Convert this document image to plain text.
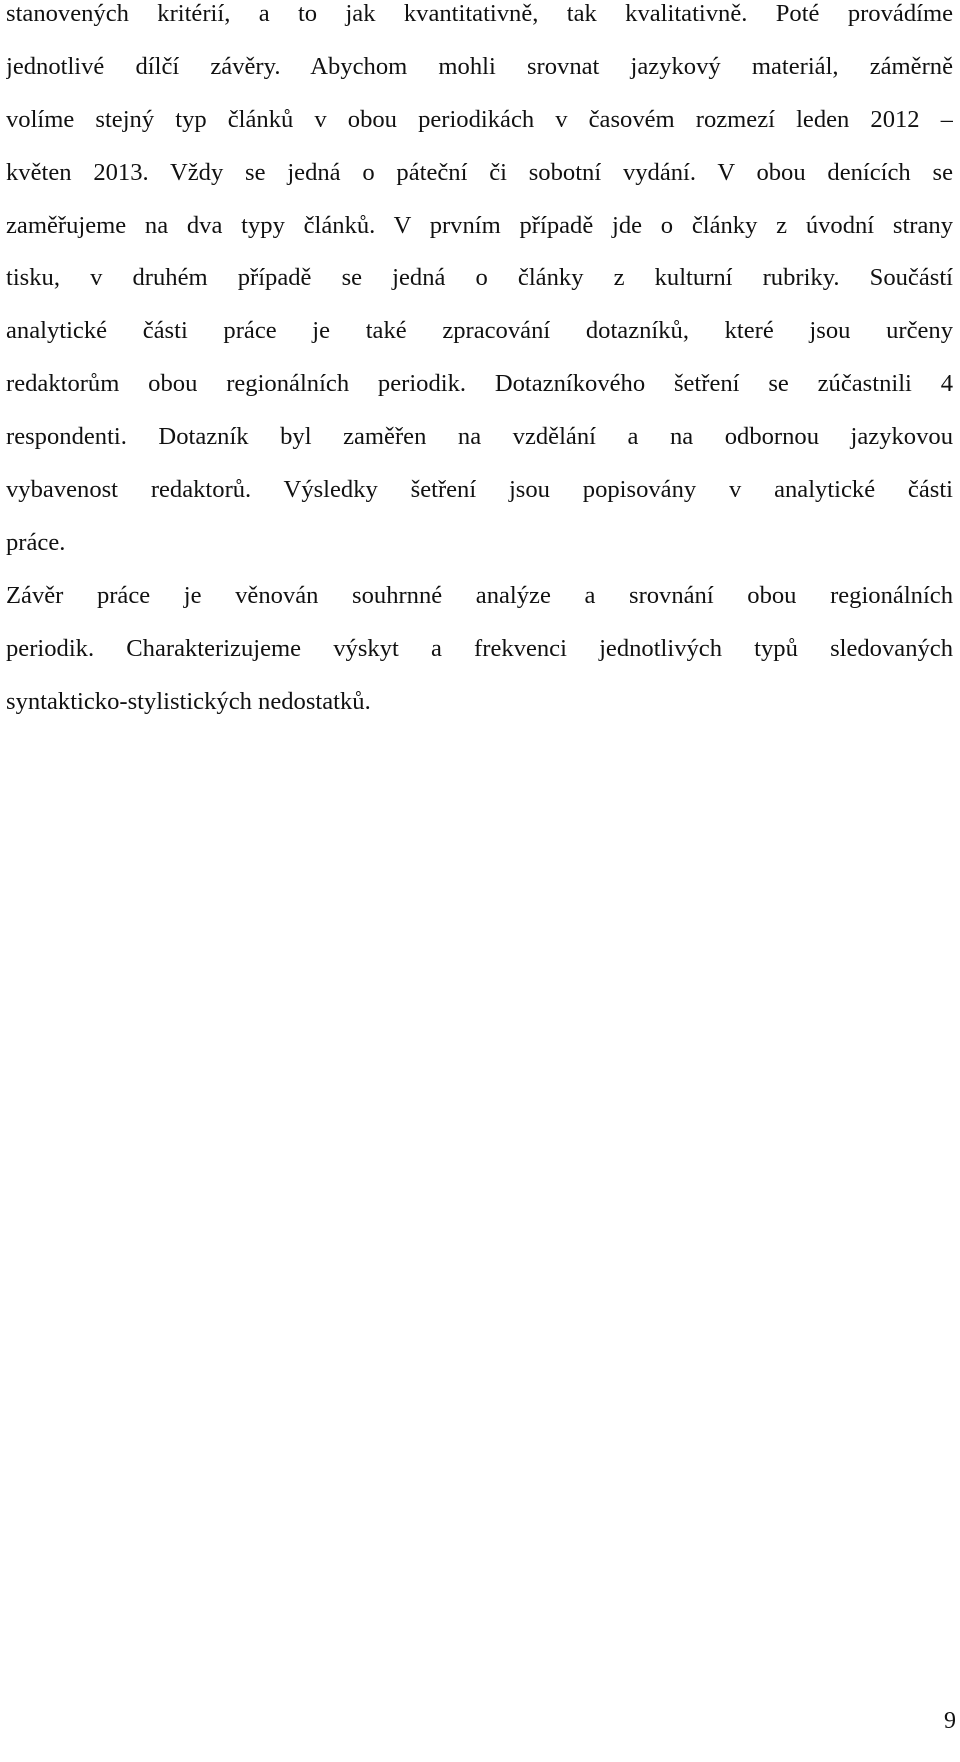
stanovených kritérií, a to jak kvantitativně, tak kvalitativně. Poté provádíme
jednotlivé dílčí závěry. Abychom mohli srovnat jazykový materiál, záměrně
volíme stejný typ článků v obou periodikách v časovém rozmezí leden 2012 –
květen 2013. Vždy se jedná o páteční či sobotní vydání. V obou denících se
zaměřujeme na dva typy článků. V prvním případě jde o články z úvodní strany
tisku, v druhém případě se jedná o články z kulturní rubriky. Součástí
analytické části práce je také zpracování dotazníků, které jsou určeny
redaktorům obou regionálních periodik. Dotazníkového šetření se zúčastnili 4
respondenti. Dotazník byl zaměřen na vzdělání a na odbornou jazykovou
vybavenost redaktorů. Výsledky šetření jsou popisovány v analytické části
práce.
Závěr práce je věnován souhrnné analýze a srovnání obou regionálních
periodik. Charakterizujeme výskyt a frekvenci jednotlivých typů sledovaných
syntakticko-stylistických nedostatků.
9
